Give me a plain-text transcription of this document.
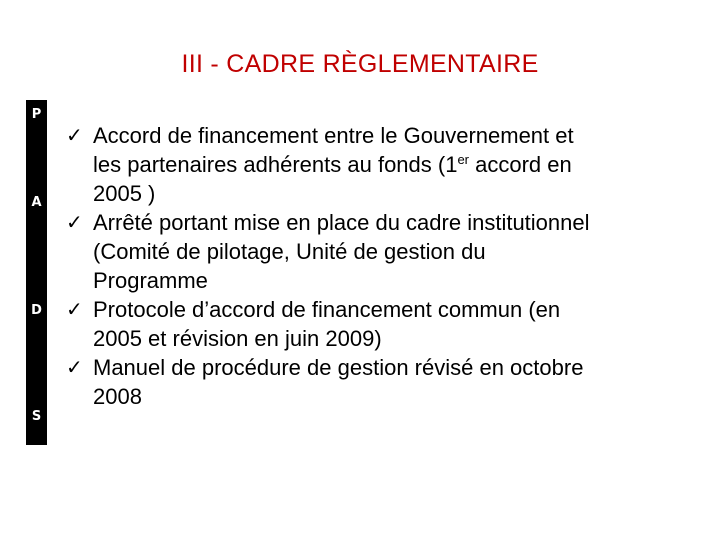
III - CADRE RÈGLEMENTAIRE
P
A
D
S
✓ Accord de financement entre le Gouvernement et
les partenaires adhérents au fonds (1er accord en
2005 )
✓ Arrêté portant mise en place du cadre institutionnel
(Comité de pilotage, Unité de gestion du
Programme
✓ Protocole d’accord de financement commun (en
2005 et révision en juin 2009)
✓ Manuel de procédure de gestion révisé en octobre
2008
